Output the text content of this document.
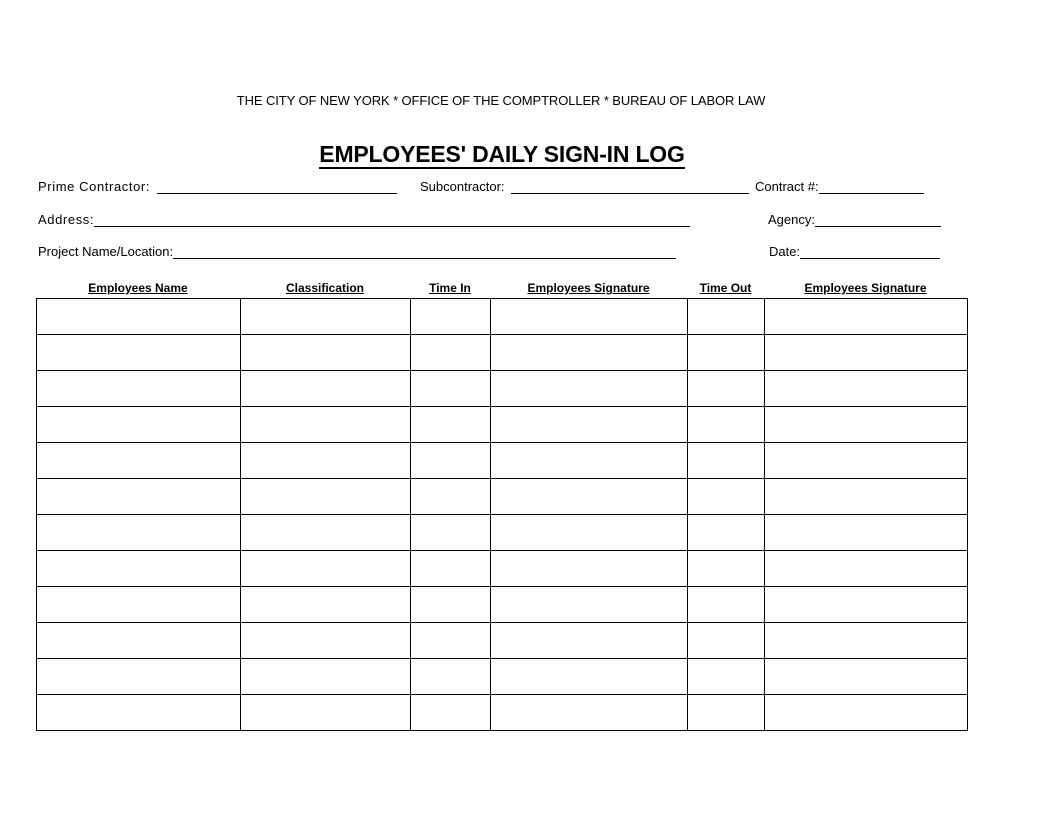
THE CITY OF NEW YORK * OFFICE OF THE COMPTROLLER * BUREAU OF LABOR LAW
EMPLOYEES' DAILY SIGN-IN LOG
Prime Contractor:	Subcontractor:	Contract #:
Address:	Agency:
Project Name/Location:	Date:
Employees Name	Classification	Time In	Employees Signature	Time Out	Employees Signature
